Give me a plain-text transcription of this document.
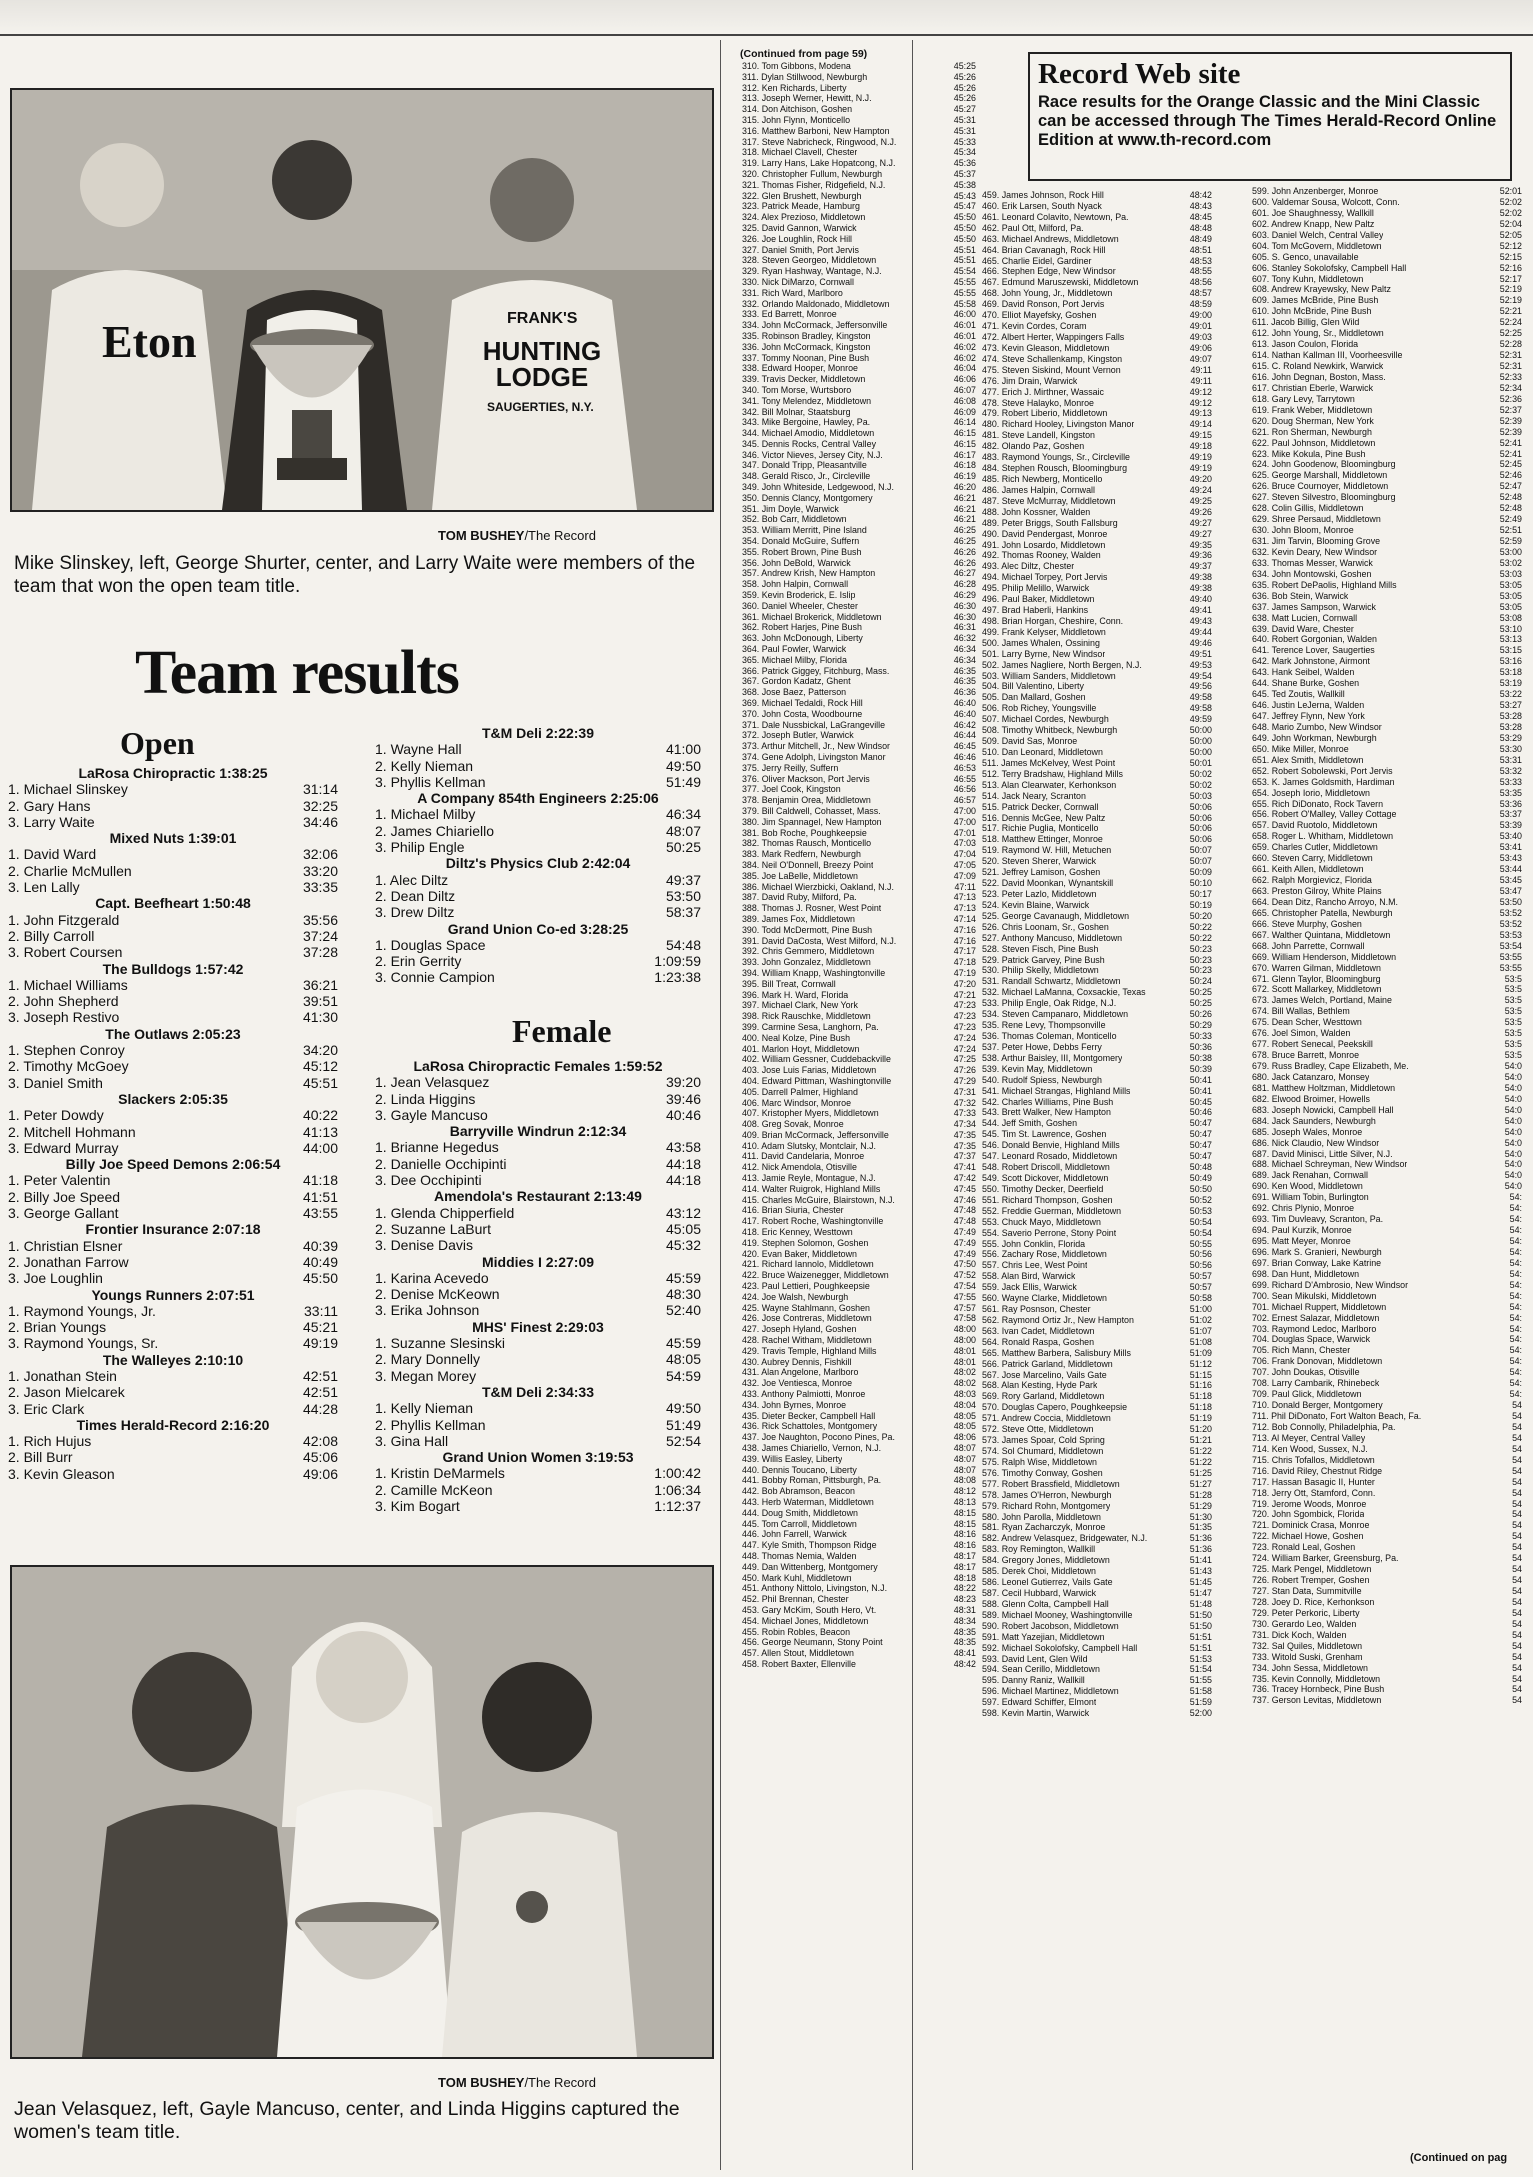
Eton	FRANK'S
HUNTING LODGE
SAUGERTIES, N.Y.
TOM BUSHEY/The Record
Mike Slinskey, left, George Shurter, center, and Larry Waite were members of the team that won the open team title.
Team results
Open
Female
LaRosa Chiropractic 1:38:25
1. Michael Slinskey	31:14
2. Gary Hans	32:25
3. Larry Waite	34:46
Mixed Nuts 1:39:01
1. David Ward	32:06
2. Charlie McMullen	33:20
3. Len Lally	33:35
Capt. Beefheart 1:50:48
1. John Fitzgerald	35:56
2. Billy Carroll	37:24
3. Robert Coursen	37:28
The Bulldogs 1:57:42
1. Michael Williams	36:21
2. John Shepherd	39:51
3. Joseph Restivo	41:30
The Outlaws 2:05:23
1. Stephen Conroy	34:20
2. Timothy McGoey	45:12
3. Daniel Smith	45:51
Slackers 2:05:35
1. Peter Dowdy	40:22
2. Mitchell Hohmann	41:13
3. Edward Murray	44:00
Billy Joe Speed Demons 2:06:54
1. Peter Valentin	41:18
2. Billy Joe Speed	41:51
3. George Gallant	43:55
Frontier Insurance 2:07:18
1. Christian Elsner	40:39
2. Jonathan Farrow	40:49
3. Joe Loughlin	45:50
Youngs Runners 2:07:51
1. Raymond Youngs, Jr.	33:11
2. Brian Youngs	45:21
3. Raymond Youngs, Sr.	49:19
The Walleyes 2:10:10
1. Jonathan Stein	42:51
2. Jason Mielcarek	42:51
3. Eric Clark	44:28
Times Herald-Record 2:16:20
1. Rich Hujus	42:08
2. Bill Burr	45:06
3. Kevin Gleason	49:06
T&M Deli 2:22:39
1. Wayne Hall	41:00
2. Kelly Nieman	49:50
3. Phyllis Kellman	51:49
A Company 854th Engineers 2:25:06
1. Michael Milby	46:34
2. James Chiariello	48:07
3. Philip Engle	50:25
Diltz's Physics Club 2:42:04
1. Alec Diltz	49:37
2. Dean Diltz	53:50
3. Drew Diltz	58:37
Grand Union Co-ed 3:28:25
1. Douglas Space	54:48
2. Erin Gerrity	1:09:59
3. Connie Campion	1:23:38
LaRosa Chiropractic Females 1:59:52
1. Jean Velasquez	39:20
2. Linda Higgins	39:46
3. Gayle Mancuso	40:46
Barryville Windrun 2:12:34
1. Brianne Hegedus	43:58
2. Danielle Occhipinti	44:18
3. Dee Occhipinti	44:18
Amendola's Restaurant 2:13:49
1. Glenda Chipperfield	43:12
2. Suzanne LaBurt	45:05
3. Denise Davis	45:32
Middies I 2:27:09
1. Karina Acevedo	45:59
2. Denise McKeown	48:30
3. Erika Johnson	52:40
MHS' Finest 2:29:03
1. Suzanne Slesinski	45:59
2. Mary Donnelly	48:05
3. Megan Morey	54:59
T&M Deli 2:34:33
1. Kelly Nieman	49:50
2. Phyllis Kellman	51:49
3. Gina Hall	52:54
Grand Union Women 3:19:53
1. Kristin DeMarmels	1:00:42
2. Camille McKeon	1:06:34
3. Kim Bogart	1:12:37
TOM BUSHEY/The Record
Jean Velasquez, left, Gayle Mancuso, center, and Linda Higgins captured the women's team title.
(Continued from page 59)
Record Web site

Race results for the Orange Classic and the Mini Classic can be accessed through The Times Herald-Record Online Edition at www.th-record.com

310. Tom Gibbons, Modena	45:25
311. Dylan Stillwood, Newburgh	45:26
312. Ken Richards, Liberty	45:26
313. Joseph Werner, Hewitt, N.J.	45:26
314. Don Aitchison, Goshen	45:27
315. John Flynn, Monticello	45:31
316. Matthew Barboni, New Hampton	45:31
317. Steve Nabricheck, Ringwood, N.J.	45:33
318. Michael Clavell, Chester	45:34
319. Larry Hans, Lake Hopatcong, N.J.	45:36
320. Christopher Fullum, Newburgh	45:37
321. Thomas Fisher, Ridgefield, N.J.	45:38
322. Glen Brushett, Newburgh	45:43
323. Patrick Meade, Hamburg	45:47
324. Alex Prezioso, Middletown	45:50
325. David Gannon, Warwick	45:50
326. Joe Loughlin, Rock Hill	45:50
327. Daniel Smith, Port Jervis	45:51
328. Steven Georgeo, Middletown	45:51
329. Ryan Hashway, Wantage, N.J.	45:54
330. Nick DiMarzo, Cornwall	45:55
331. Rich Ward, Marlboro	45:55
332. Orlando Maldonado, Middletown	45:58
333. Ed Barrett, Monroe	46:00
334. John McCormack, Jeffersonville	46:01
335. Robinson Bradley, Kingston	46:01
336. John McCormack, Kingston	46:02
337. Tommy Noonan, Pine Bush	46:02
338. Edward Hooper, Monroe	46:04
339. Travis Decker, Middletown	46:06
340. Tom Morse, Wurtsboro	46:07
341. Tony Melendez, Middletown	46:08
342. Bill Molnar, Staatsburg	46:09
343. Mike Bergoine, Hawley, Pa.	46:14
344. Michael Amodio, Middletown	46:15
345. Dennis Rocks, Central Valley	46:15
346. Victor Nieves, Jersey City, N.J.	46:17
347. Donald Tripp, Pleasantville	46:18
348. Gerald Risco, Jr., Circleville	46:19
349. John Whiteside, Ledgewood, N.J.	46:20
350. Dennis Clancy, Montgomery	46:21
351. Jim Doyle, Warwick	46:21
352. Bob Carr, Middletown	46:21
353. William Merritt, Pine Island	46:25
354. Donald McGuire, Suffern	46:25
355. Robert Brown, Pine Bush	46:26
356. John DeBold, Warwick	46:26
357. Andrew Krish, New Hampton	46:27
358. John Halpin, Cornwall	46:28
359. Kevin Broderick, E. Islip	46:29
360. Daniel Wheeler, Chester	46:30
361. Michael Brokerick, Middletown	46:30
362. Robert Harjes, Pine Bush	46:31
363. John McDonough, Liberty	46:32
364. Paul Fowler, Warwick	46:34
365. Michael Milby, Florida	46:34
366. Patrick Giggey, Fitchburg, Mass.	46:35
367. Gordon Kadatz, Ghent	46:35
368. Jose Baez, Patterson	46:36
369. Michael Tedaldi, Rock Hill	46:40
370. John Costa, Woodbourne	46:40
371. Dale Nussbickal, LaGrangeville	46:42
372. Joseph Butler, Warwick	46:44
373. Arthur Mitchell, Jr., New Windsor	46:45
374. Gene Adolph, Livingston Manor	46:46
375. Jerry Reilly, Suffern	46:53
376. Oliver Mackson, Port Jervis	46:55
377. Joel Cook, Kingston	46:56
378. Benjamin Orea, Middletown	46:57
379. Bill Caldwell, Cohasset, Mass.	47:00
380. Jim Spannagel, New Hampton	47:00
381. Bob Roche, Poughkeepsie	47:01
382. Thomas Rausch, Monticello	47:03
383. Mark Redfern, Newburgh	47:04
384. Neil O'Donnell, Breezy Point	47:05
385. Joe LaBelle, Middletown	47:09
386. Michael Wierzbicki, Oakland, N.J.	47:11
387. David Ruby, Milford, Pa.	47:13
388. Thomas J. Rosner, West Point	47:13
389. James Fox, Middletown	47:14
390. Todd McDermott, Pine Bush	47:16
391. David DaCosta, West Milford, N.J.	47:16
392. Chris Gemmero, Middletown	47:17
393. John Gonzalez, Middletown	47:18
394. William Knapp, Washingtonville	47:19
395. Bill Treat, Cornwall	47:20
396. Mark H. Ward, Florida	47:21
397. Michael Clark, New York	47:23
398. Rick Rauschke, Middletown	47:23
399. Carmine Sesa, Langhorn, Pa.	47:23
400. Neal Kolze, Pine Bush	47:24
401. Marlon Hoyt, Middletown	47:24
402. William Gessner, Cuddebackville	47:25
403. Jose Luis Farias, Middletown	47:26
404. Edward Pittman, Washingtonville	47:29
405. Darrell Palmer, Highland	47:31
406. Marc Windsor, Monroe	47:32
407. Kristopher Myers, Middletown	47:33
408. Greg Sovak, Monroe	47:34
409. Brian McCormack, Jeffersonville	47:35
410. Adam Slutsky, Montclair, N.J.	47:35
411. David Candelaria, Monroe	47:37
412. Nick Amendola, Otisville	47:41
413. Jamie Reyle, Montague, N.J.	47:42
414. Walter Ruigrok, Highland Mills	47:45
415. Charles McGuire, Blairstown, N.J.	47:46
416. Brian Siuria, Chester	47:48
417. Robert Roche, Washingtonville	47:48
418. Eric Kenney, Westtown	47:49
419. Stephen Solomon, Goshen	47:49
420. Evan Baker, Middletown	47:49
421. Richard Iannolo, Middletown	47:50
422. Bruce Waizenegger, Middletown	47:52
423. Paul Lettieri, Poughkeepsie	47:54
424. Joe Walsh, Newburgh	47:55
425. Wayne Stahlmann, Goshen	47:57
426. Jose Contreras, Middletown	47:58
427. Joseph Hyland, Goshen	48:00
428. Rachel Witham, Middletown	48:00
429. Travis Temple, Highland Mills	48:01
430. Aubrey Dennis, Fishkill	48:01
431. Alan Angelone, Marlboro	48:02
432. Joe Ventiesca, Monroe	48:02
433. Anthony Palmiotti, Monroe	48:03
434. John Byrnes, Monroe	48:04
435. Dieter Becker, Campbell Hall	48:05
436. Rick Schattoles, Montgomery	48:05
437. Joe Naughton, Pocono Pines, Pa.	48:06
438. James Chiariello, Vernon, N.J.	48:07
439. Willis Easley, Liberty	48:07
440. Dennis Toucano, Liberty	48:07
441. Bobby Roman, Pittsburgh, Pa.	48:08
442. Bob Abramson, Beacon	48:12
443. Herb Waterman, Middletown	48:13
444. Doug Smith, Middletown	48:15
445. Tom Carroll, Middletown	48:15
446. John Farrell, Warwick	48:16
447. Kyle Smith, Thompson Ridge	48:16
448. Thomas Nemia, Walden	48:17
449. Dan Wittenberg, Montgomery	48:17
450. Mark Kuhl, Middletown	48:18
451. Anthony Nittolo, Livingston, N.J.	48:22
452. Phil Brennan, Chester	48:23
453. Gary McKim, South Hero, Vt.	48:31
454. Michael Jones, Middletown	48:34
455. Robin Robles, Beacon	48:35
456. George Neumann, Stony Point	48:35
457. Allen Stout, Middletown	48:41
458. Robert Baxter, Ellenville	48:42
459. James Johnson, Rock Hill	48:42
460. Erik Larsen, South Nyack	48:43
461. Leonard Colavito, Newtown, Pa.	48:45
462. Paul Ott, Milford, Pa.	48:48
463. Michael Andrews, Middletown	48:49
464. Brian Cavanagh, Rock Hill	48:51
465. Charlie Eidel, Gardiner	48:53
466. Stephen Edge, New Windsor	48:55
467. Edmund Maruszewski, Middletown	48:56
468. John Young, Jr., Middletown	48:57
469. David Ronson, Port Jervis	48:59
470. Elliot Mayefsky, Goshen	49:00
471. Kevin Cordes, Coram	49:01
472. Albert Herter, Wappingers Falls	49:03
473. Kevin Gleason, Middletown	49:06
474. Steve Schallenkamp, Kingston	49:07
475. Steven Siskind, Mount Vernon	49:11
476. Jim Drain, Warwick	49:11
477. Erich J. Mirthner, Wassaic	49:12
478. Steve Halayko, Monroe	49:12
479. Robert Liberio, Middletown	49:13
480. Richard Hooley, Livingston Manor	49:14
481. Steve Landell, Kingston	49:15
482. Olando Paz, Goshen	49:18
483. Raymond Youngs, Sr., Circleville	49:19
484. Stephen Rousch, Bloomingburg	49:19
485. Rich Newberg, Monticello	49:20
486. James Halpin, Cornwall	49:24
487. Steve McMurray, Middletown	49:25
488. John Kossner, Walden	49:26
489. Peter Briggs, South Fallsburg	49:27
490. David Pendergast, Monroe	49:27
491. John Losardo, Middletown	49:35
492. Thomas Rooney, Walden	49:36
493. Alec Diltz, Chester	49:37
494. Michael Torpey, Port Jervis	49:38
495. Philip Melillo, Warwick	49:38
496. Paul Baker, Middletown	49:40
497. Brad Haberli, Hankins	49:41
498. Brian Horgan, Cheshire, Conn.	49:43
499. Frank Kelyser, Middletown	49:44
500. James Whalen, Ossining	49:46
501. Larry Byrne, New Windsor	49:51
502. James Nagliere, North Bergen, N.J.	49:53
503. William Sanders, Middletown	49:54
504. Bill Valentino, Liberty	49:56
505. Dan Mallard, Goshen	49:58
506. Rob Richey, Youngsville	49:58
507. Michael Cordes, Newburgh	49:59
508. Timothy Whitbeck, Newburgh	50:00
509. David Sas, Monroe	50:00
510. Dan Leonard, Middletown	50:00
511. James McKelvey, West Point	50:01
512. Terry Bradshaw, Highland Mills	50:02
513. Alan Clearwater, Kerhonkson	50:02
514. Jack Neary, Scranton	50:03
515. Patrick Decker, Cornwall	50:06
516. Dennis McGee, New Paltz	50:06
517. Richie Puglia, Monticello	50:06
518. Matthew Ettinger, Monroe	50:06
519. Raymond W. Hill, Metuchen	50:07
520. Steven Sherer, Warwick	50:07
521. Jeffrey Lamison, Goshen	50:09
522. David Moonkan, Wynantskill	50:10
523. Peter Lazlo, Middletown	50:17
524. Kevin Blaine, Warwick	50:19
525. George Cavanaugh, Middletown	50:20
526. Chris Loonam, Sr., Goshen	50:22
527. Anthony Mancuso, Middletown	50:22
528. Steven Fisch, Pine Bush	50:23
529. Patrick Garvey, Pine Bush	50:23
530. Philip Skelly, Middletown	50:23
531. Randall Schwartz, Middletown	50:24
532. Michael LaManna, Coxsackie, Texas	50:25
533. Philip Engle, Oak Ridge, N.J.	50:25
534. Steven Campanaro, Middletown	50:26
535. Rene Levy, Thompsonville	50:29
536. Thomas Coleman, Monticello	50:33
537. Peter Howe, Debbs Ferry	50:36
538. Arthur Baisley, III, Montgomery	50:38
539. Kevin May, Middletown	50:39
540. Rudolf Spiess, Newburgh	50:41
541. Michael Strangas, Highland Mills	50:41
542. Charles Williams, Pine Bush	50:45
543. Brett Walker, New Hampton	50:46
544. Jeff Smith, Goshen	50:47
545. Tim St. Lawrence, Goshen	50:47
546. Donald Benvie, Highland Mills	50:47
547. Leonard Rosado, Middletown	50:47
548. Robert Driscoll, Middletown	50:48
549. Scott Dickover, Middletown	50:49
550. Timothy Decker, Deerfield	50:50
551. Richard Thompson, Goshen	50:52
552. Freddie Guerman, Middletown	50:53
553. Chuck Mayo, Middletown	50:54
554. Saverio Perrone, Stony Point	50:54
555. John Conklin, Florida	50:55
556. Zachary Rose, Middletown	50:56
557. Chris Lee, West Point	50:56
558. Alan Bird, Warwick	50:57
559. Jack Ellis, Warwick	50:57
560. Wayne Clarke, Middletown	50:58
561. Ray Posnson, Chester	51:00
562. Raymond Ortiz Jr., New Hampton	51:02
563. Ivan Cadet, Middletown	51:07
564. Ronald Raspa, Goshen	51:08
565. Matthew Barbera, Salisbury Mills	51:09
566. Patrick Garland, Middletown	51:12
567. Jose Marcelino, Vails Gate	51:15
568. Alan Kesting, Hyde Park	51:16
569. Rory Garland, Middletown	51:18
570. Douglas Capero, Poughkeepsie	51:18
571. Andrew Coccia, Middletown	51:19
572. Steve Otte, Middletown	51:20
573. James Spoar, Cold Spring	51:21
574. Sol Chumard, Middletown	51:22
575. Ralph Wise, Middletown	51:22
576. Timothy Conway, Goshen	51:25
577. Robert Brassfield, Middletown	51:27
578. James O'Herron, Newburgh	51:28
579. Richard Rohn, Montgomery	51:29
580. John Parolla, Middletown	51:30
581. Ryan Zacharczyk, Monroe	51:35
582. Andrew Velasquez, Bridgewater, N.J.	51:36
583. Roy Remington, Wallkill	51:36
584. Gregory Jones, Middletown	51:41
585. Derek Choi, Middletown	51:43
586. Leonel Gutierrez, Vails Gate	51:45
587. Cecil Hubbard, Warwick	51:47
588. Glenn Colta, Campbell Hall	51:48
589. Michael Mooney, Washingtonville	51:50
590. Robert Jacobson, Middletown	51:50
591. Matt Yazejian, Middletown	51:51
592. Michael Sokolofsky, Campbell Hall	51:51
593. David Lent, Glen Wild	51:53
594. Sean Cerillo, Middletown	51:54
595. Danny Raniz, Wallkill	51:55
596. Michael Martinez, Middletown	51:58
597. Edward Schiffer, Elmont	51:59
598. Kevin Martin, Warwick	52:00
599. John Anzenberger, Monroe	52:01
600. Valdemar Sousa, Wolcott, Conn.	52:02
601. Joe Shaughnessy, Wallkill	52:02
602. Andrew Knapp, New Paltz	52:04
603. Daniel Welch, Central Valley	52:05
604. Tom McGovern, Middletown	52:12
605. S. Genco, unavailable	52:15
606. Stanley Sokolofsky, Campbell Hall	52:16
607. Tony Kuhn, Middletown	52:17
608. Andrew Krayewsky, New Paltz	52:19
609. James McBride, Pine Bush	52:19
610. John McBride, Pine Bush	52:21
611. Jacob Billig, Glen Wild	52:24
612. John Young, Sr., Middletown	52:25
613. Jason Coulon, Florida	52:28
614. Nathan Kallman III, Voorheesville	52:31
615. C. Roland Newkirk, Warwick	52:31
616. John Degnan, Boston, Mass.	52:33
617. Christian Eberle, Warwick	52:34
618. Gary Levy, Tarrytown	52:36
619. Frank Weber, Middletown	52:37
620. Doug Sherman, New York	52:39
621. Ron Sherman, Newburgh	52:39
622. Paul Johnson, Middletown	52:41
623. Mike Kokula, Pine Bush	52:41
624. John Goodenow, Bloomingburg	52:45
625. George Marshall, Middletown	52:46
626. Bruce Cournoyer, Middletown	52:47
627. Steven Silvestro, Bloomingburg	52:48
628. Colin Gillis, Middletown	52:48
629. Shree Persaud, Middletown	52:49
630. John Bloom, Monroe	52:51
631. Jim Tarvin, Blooming Grove	52:59
632. Kevin Deary, New Windsor	53:00
633. Thomas Messer, Warwick	53:02
634. John Montowski, Goshen	53:03
635. Robert DePaolis, Highland Mills	53:05
636. Bob Stein, Warwick	53:05
637. James Sampson, Warwick	53:05
638. Matt Lucien, Cornwall	53:08
639. David Ware, Chester	53:10
640. Robert Gorgonian, Walden	53:13
641. Terence Lover, Saugerties	53:15
642. Mark Johnstone, Airmont	53:16
643. Hank Seibel, Walden	53:18
644. Shane Burke, Goshen	53:19
645. Ted Zoutis, Wallkill	53:22
646. Justin LeJerna, Walden	53:27
647. Jeffrey Flynn, New York	53:28
648. Mario Zumbo, New Windsor	53:28
649. John Workman, Newburgh	53:29
650. Mike Miller, Monroe	53:30
651. Alex Smith, Middletown	53:31
652. Robert Sobolewski, Port Jervis	53:32
653. K. James Goldsmith, Hardiman	53:33
654. Joseph Iorio, Middletown	53:35
655. Rich DiDonato, Rock Tavern	53:36
656. Robert O'Malley, Valley Cottage	53:37
657. David Ruotolo, Middletown	53:39
658. Roger L. Whitham, Middletown	53:40
659. Charles Cutler, Middletown	53:41
660. Steven Carry, Middletown	53:43
661. Keith Allen, Middletown	53:44
662. Ralph Morgievicz, Florida	53:45
663. Preston Gilroy, White Plains	53:47
664. Dean Ditz, Rancho Arroyo, N.M.	53:50
665. Christopher Patella, Newburgh	53:52
666. Steve Murphy, Goshen	53:52
667. Walther Quintana, Middletown	53:53
668. John Parrette, Cornwall	53:54
669. William Henderson, Middletown	53:55
670. Warren Gilman, Middletown	53:55
671. Glenn Taylor, Bloomingburg	53:5
672. Scott Mallarkey, Middletown	53:5
673. James Welch, Portland, Maine	53:5
674. Bill Wallas, Bethlem	53:5
675. Dean Scher, Westtown	53:5
676. Joel Simon, Walden	53:5
677. Robert Senecal, Peekskill	53:5
678. Bruce Barrett, Monroe	53:5
679. Russ Bradley, Cape Elizabeth, Me.	54:0
680. Jack Catanzaro, Monsey	54:0
681. Matthew Holtzman, Middletown	54:0
682. Elwood Broimer, Howells	54:0
683. Joseph Nowicki, Campbell Hall	54:0
684. Jack Saunders, Newburgh	54:0
685. Joseph Wales, Monroe	54:0
686. Nick Claudio, New Windsor	54:0
687. David Minisci, Little Silver, N.J.	54:0
688. Michael Schreyman, New Windsor	54:0
689. Jack Renahan, Cornwall	54:0
690. Ken Wood, Middletown	54:0
691. William Tobin, Burlington	54:
692. Chris Plynio, Monroe	54:
693. Tim Duvleavy, Scranton, Pa.	54:
694. Paul Kurzik, Monroe	54:
695. Matt Meyer, Monroe	54:
696. Mark S. Granieri, Newburgh	54:
697. Brian Conway, Lake Katrine	54:
698. Dan Hunt, Middletown	54:
699. Richard D'Ambrosio, New Windsor	54:
700. Sean Mikulski, Middletown	54:
701. Michael Ruppert, Middletown	54:
702. Ernest Salazar, Middletown	54:
703. Raymond Ledoc, Marlboro	54:
704. Douglas Space, Warwick	54:
705. Rich Mann, Chester	54:
706. Frank Donovan, Middletown	54:
707. John Doukas, Otisville	54:
708. Larry Cambarik, Rhinebeck	54:
709. Paul Glick, Middletown	54:
710. Donald Berger, Montgomery	54
711. Phil DiDonato, Fort Walton Beach, Fa.	54
712. Bob Connolly, Philadelphia, Pa.	54
713. Al Meyer, Central Valley	54
714. Ken Wood, Sussex, N.J.	54
715. Chris Tofallos, Middletown	54
716. David Riley, Chestnut Ridge	54
717. Hassan Basagic II, Hunter	54
718. Jerry Ott, Stamford, Conn.	54
719. Jerome Woods, Monroe	54
720. John Sgombick, Florida	54
721. Dominick Crasa, Monroe	54
722. Michael Howe, Goshen	54
723. Ronald Leal, Goshen	54
724. William Barker, Greensburg, Pa.	54
725. Mark Pengel, Middletown	54
726. Robert Tremper, Goshen	54
727. Stan Data, Summitville	54
728. Joey D. Rice, Kerhonkson	54
729. Peter Perkoric, Liberty	54
730. Gerardo Leo, Walden	54
731. Dick Koch, Walden	54
732. Sal Quiles, Middletown	54
733. Witold Suski, Grenham	54
734. John Sessa, Middletown	54
735. Kevin Connolly, Middletown	54
736. Tracey Hornbeck, Pine Bush	54
737. Gerson Levitas, Middletown	54
(Continued on pag
